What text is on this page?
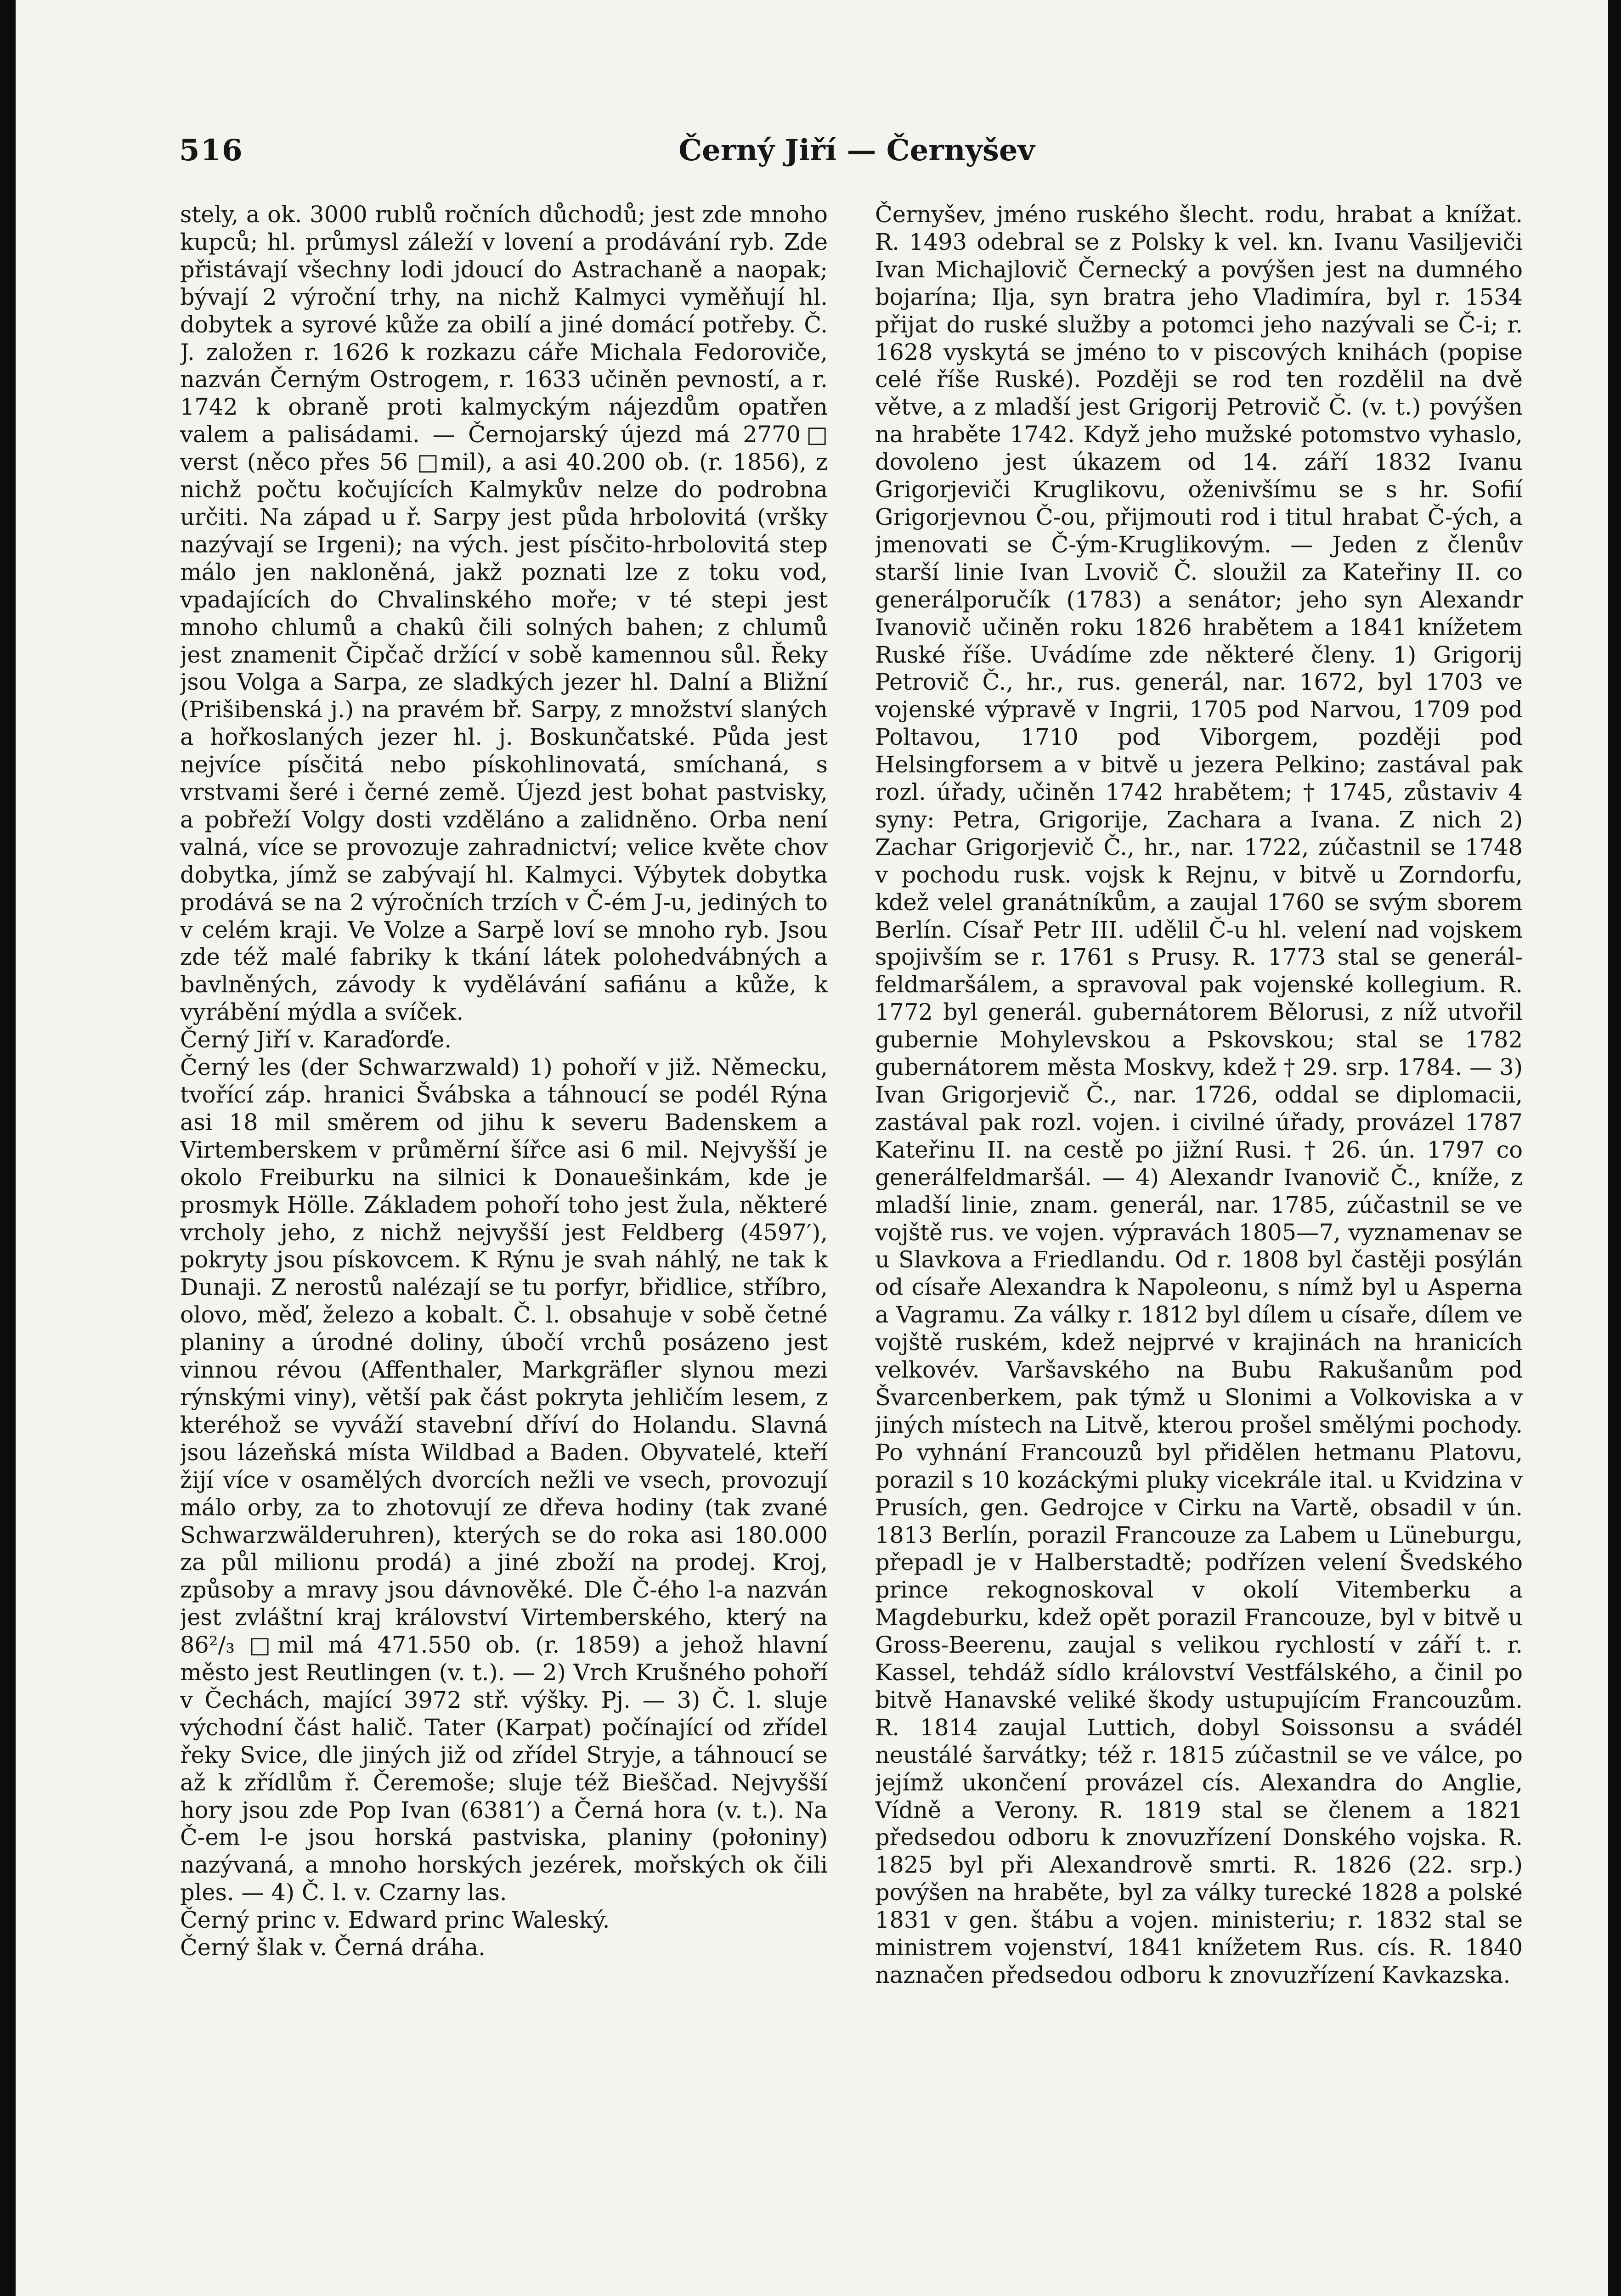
516	Černý Jiří — Černyšev

stely, a ok. 3000 rublů ročních důchodů; jest zde mnoho kupců; hl. průmysl záleží v lovení a prodávání ryb. Zde přistávají všechny lodi jdoucí do Astrachaně a naopak; bývají 2 výroční trhy, na nichž Kalmyci vyměňují hl. dobytek a syrové kůže za obilí a jiné domácí potřeby. Č. J. založen r. 1626 k rozkazu cáře Michala Fedoroviče, nazván Černým Ostrogem, r. 1633 učiněn pevností, a r. 1742 k obraně proti kalmyckým nájezdům opatřen valem a palisádami. — Černojarský újezd má 2770□ verst (něco přes 56 □mil), a asi 40.200 ob. (r. 1856), z nichž počtu kočujících Kalmykův nelze do podrobna určiti. Na západ u ř. Sarpy jest půda hrbolovitá (vršky nazývají se Irgeni); na vých. jest písčito-hrbolovitá step málo jen nakloněná, jakž poznati lze z toku vod, vpadajících do Chvalinského moře; v té stepi jest mnoho chlumů a chakû čili solných bahen; z chlumů jest znamenit Čipčač držící v sobě kamennou sůl. Řeky jsou Volga a Sarpa, ze sladkých jezer hl. Dalní a Bližní (Prišibenská j.) na pravém bř. Sarpy, z množství slaných a hořkoslaných jezer hl. j. Boskunčatské. Půda jest nejvíce písčitá nebo pískohlinovatá, smíchaná, s vrstvami šeré i černé země. Újezd jest bohat pastvisky, a pobřeží Volgy dosti vzděláno a zalidněno. Orba není valná, více se provozuje zahradnictví; velice květe chov dobytka, jímž se zabývají hl. Kalmyci. Výbytek dobytka prodává se na 2 výročních trzích v Č-ém J-u, jediných to v celém kraji. Ve Volze a Sarpě loví se mnoho ryb. Jsou zde též malé fabriky k tkání látek polohedvábných a bavlněných, závody k vydělávání safiánu a kůže, k vyrábění mýdla a svíček.

Černý Jiří v. Karaďorďe.

Černý les (der Schwarzwald) 1) pohoří v již. Německu, tvořící záp. hranici Švábska a táhnoucí se podél Rýna asi 18 mil směrem od jihu k severu Badenskem a Virtemberskem v průměrní šířce asi 6 mil. Nejvyšší je okolo Freiburku na silnici k Donauešinkám, kde je prosmyk Hölle. Základem pohoří toho jest žula, některé vrcholy jeho, z nichž nejvyšší jest Feldberg (4597′), pokryty jsou pískovcem. K Rýnu je svah náhlý, ne tak k Dunaji. Z nerostů nalézají se tu porfyr, břidlice, stříbro, olovo, měď, železo a kobalt. Č. l. obsahuje v sobě četné planiny a úrodné doliny, úbočí vrchů posázeno jest vinnou révou (Affenthaler, Markgräfler slynou mezi rýnskými viny), větší pak část pokryta jehličím lesem, z kteréhož se vyváží stavební dříví do Holandu. Slavná jsou lázeňská místa Wildbad a Baden. Obyvatelé, kteří žijí více v osamělých dvorcích nežli ve vsech, provozují málo orby, za to zhotovují ze dřeva hodiny (tak zvané Schwarzwälderuhren), kterých se do roka asi 180.000 za půl milionu prodá) a jiné zboží na prodej. Kroj, způsoby a mravy jsou dávnověké. Dle Č-ého l-a nazván jest zvláštní kraj království Virtemberského, který na 86²/₃ □mil má 471.550 ob. (r. 1859) a jehož hlavní město jest Reutlingen (v. t.). — 2) Vrch Krušného pohoří v Čechách, mající 3972 stř. výšky. Pj. — 3) Č. l. sluje východní část halič. Tater (Karpat) počínající od zřídel řeky Svice, dle jiných již od zřídel Stryje, a táhnoucí se až k zřídlům ř. Čeremoše; sluje též Bieščad. Nejvyšší hory jsou zde Pop Ivan (6381′) a Černá hora (v. t.). Na Č-em l-e jsou horská pastviska, planiny (połoniny) nazývaná, a mnoho horských jezérek, mořských ok čili ples. — 4) Č. l. v. Czarny las.

Černý princ v. Edward princ Waleský.

Černý šlak v. Černá dráha.

Černyšev, jméno ruského šlecht. rodu, hrabat a knížat. R. 1493 odebral se z Polsky k vel. kn. Ivanu Vasiljeviči Ivan Michajlovič Černecký a povýšen jest na dumného bojarína; Ilja, syn bratra jeho Vladimíra, byl r. 1534 přijat do ruské služby a potomci jeho nazývali se Č-i; r. 1628 vyskytá se jméno to v piscových knihách (popise celé říše Ruské). Později se rod ten rozdělil na dvě větve, a z mladší jest Grigorij Petrovič Č. (v. t.) povýšen na hraběte 1742. Když jeho mužské potomstvo vyhaslo, dovoleno jest úkazem od 14. září 1832 Ivanu Grigorjeviči Kruglikovu, oženivšímu se s hr. Sofií Grigorjevnou Č-ou, přijmouti rod i titul hrabat Č-ých, a jmenovati se Č-ým-Kruglikovým. — Jeden z členův starší linie Ivan Lvovič Č. sloužil za Kateřiny II. co generálporučík (1783) a senátor; jeho syn Alexandr Ivanovič učiněn roku 1826 hrabětem a 1841 knížetem Ruské říše. Uvádíme zde některé členy. 1) Grigorij Petrovič Č., hr., rus. generál, nar. 1672, byl 1703 ve vojenské výpravě v Ingrii, 1705 pod Narvou, 1709 pod Poltavou, 1710 pod Viborgem, později pod Helsingforsem a v bitvě u jezera Pelkino; zastával pak rozl. úřady, učiněn 1742 hrabětem; † 1745, zůstaviv 4 syny: Petra, Grigorije, Zachara a Ivana. Z nich 2) Zachar Grigorjevič Č., hr., nar. 1722, zúčastnil se 1748 v pochodu rusk. vojsk k Rejnu, v bitvě u Zorndorfu, kdež velel granátníkům, a zaujal 1760 se svým sborem Berlín. Císař Petr III. udělil Č-u hl. velení nad vojskem spojivším se r. 1761 s Prusy. R. 1773 stal se generál-feldmaršálem, a spravoval pak vojenské kollegium. R. 1772 byl generál. gubernátorem Bělorusi, z níž utvořil gubernie Mohylevskou a Pskovskou; stal se 1782 gubernátorem města Moskvy, kdež † 29. srp. 1784. — 3) Ivan Grigorjevič Č., nar. 1726, oddal se diplomacii, zastával pak rozl. vojen. i civilné úřady, provázel 1787 Kateřinu II. na cestě po jižní Rusi. † 26. ún. 1797 co generálfeldmaršál. — 4) Alexandr Ivanovič Č., kníže, z mladší linie, znam. generál, nar. 1785, zúčastnil se ve vojště rus. ve vojen. výpravách 1805—7, vyznamenav se u Slavkova a Friedlandu. Od r. 1808 byl častěji posýlán od císaře Alexandra k Napoleonu, s nímž byl u Asperna a Vagramu. Za války r. 1812 byl dílem u císaře, dílem ve vojště ruském, kdež nejprvé v krajinách na hranicích velkovév. Varšavského na Bubu Rakušanům pod Švarcenberkem, pak týmž u Slonimi a Volkoviska a v jiných místech na Litvě, kterou prošel smělými pochody. Po vyhnání Francouzů byl přidělen hetmanu Platovu, porazil s 10 kozáckými pluky vicekrále ital. u Kvidzina v Prusích, gen. Gedrojce v Cirku na Vartě, obsadil v ún. 1813 Berlín, porazil Francouze za Labem u Lüneburgu, přepadl je v Halberstadtě; podřízen velení Švedského prince rekognoskoval v okolí Vitemberku a Magdeburku, kdež opět porazil Francouze, byl v bitvě u Gross-Beerenu, zaujal s velikou rychlostí v září t. r. Kassel, tehdáž sídlo království Vestfálského, a činil po bitvě Hanavské veliké škody ustupujícím Francouzům. R. 1814 zaujal Luttich, dobyl Soissonsu a svádél neustálé šarvátky; též r. 1815 zúčastnil se ve válce, po jejímž ukončení provázel cís. Alexandra do Anglie, Vídně a Verony. R. 1819 stal se členem a 1821 předsedou odboru k znovuzřízení Donského vojska. R. 1825 byl při Alexandrově smrti. R. 1826 (22. srp.) povýšen na hraběte, byl za války turecké 1828 a polské 1831 v gen. štábu a vojen. ministeriu; r. 1832 stal se ministrem vojenství, 1841 knížetem Rus. cís. R. 1840 naznačen předsedou odboru k znovuzřízení Kavkazska.
